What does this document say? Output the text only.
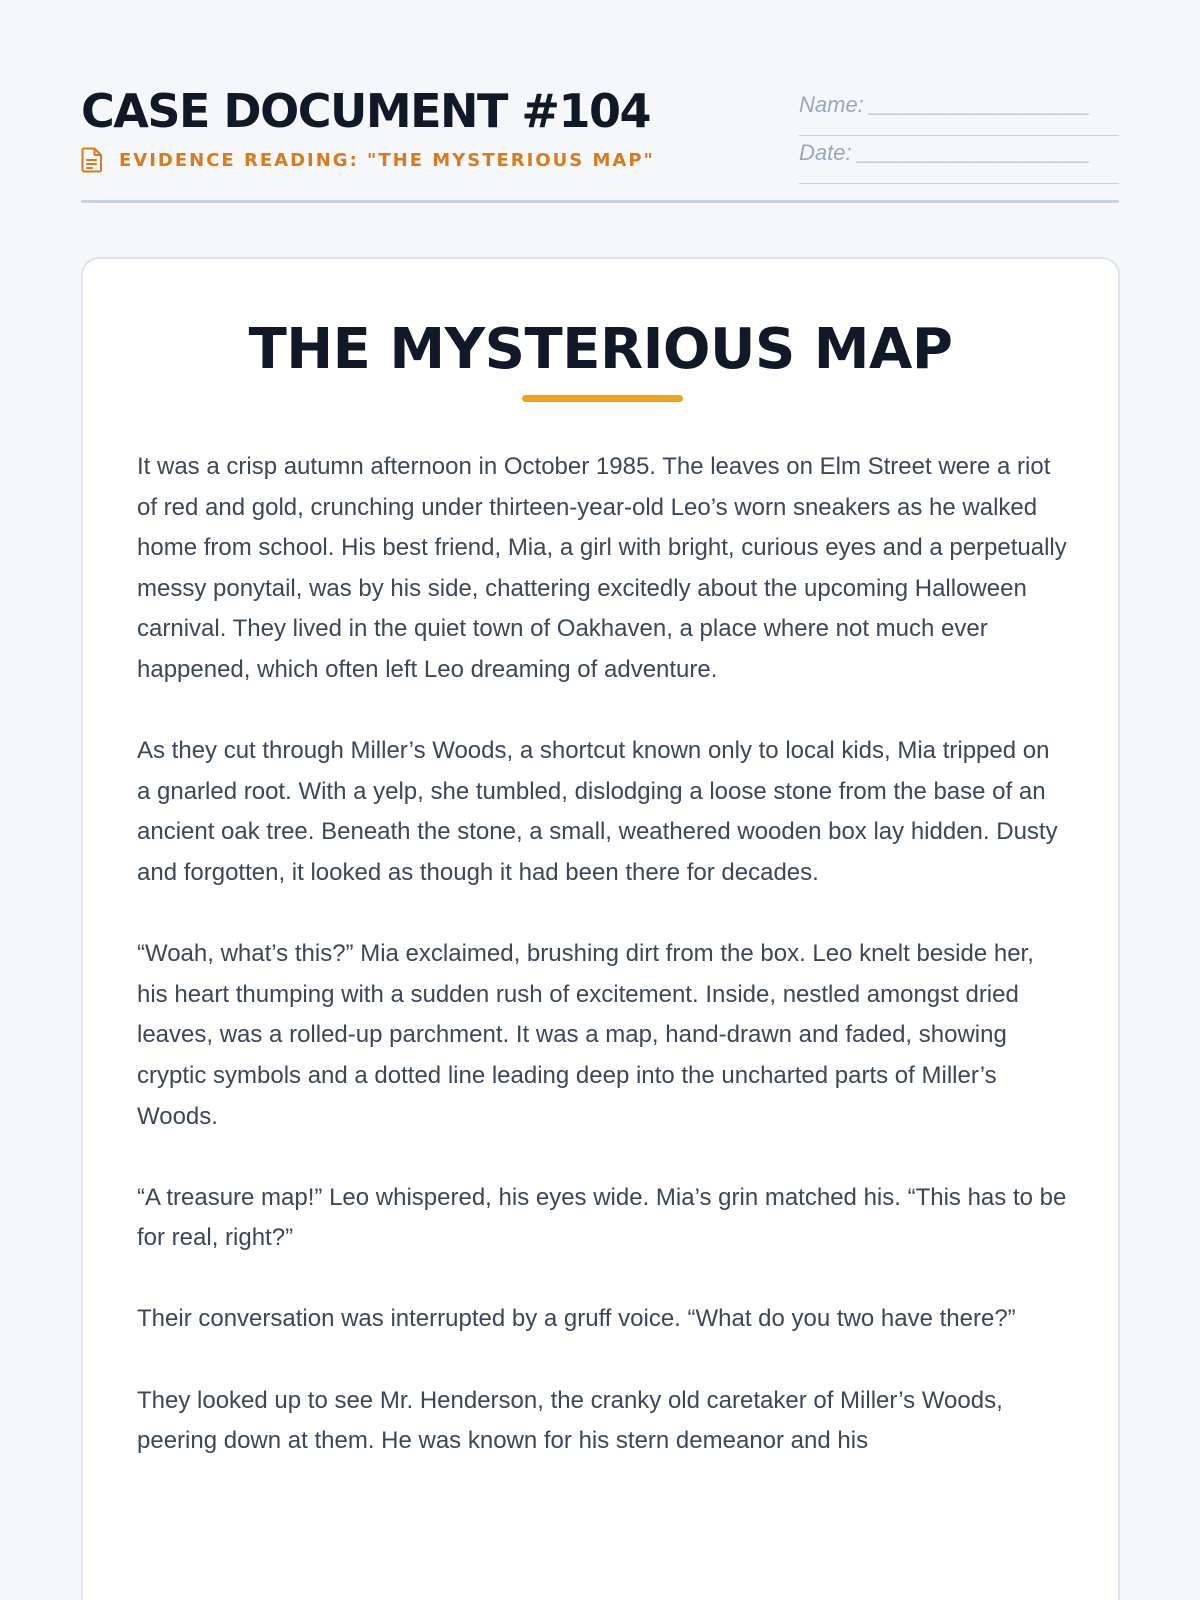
CASE DOCUMENT #104
EVIDENCE READING: "THE MYSTERIOUS MAP"
Name: __________________
Date: ___________________
THE MYSTERIOUS MAP

It was a crisp autumn afternoon in October 1985. The leaves on Elm Street were a riot of red and gold, crunching under thirteen-year-old Leo’s worn sneakers as he walked home from school. His best friend, Mia, a girl with bright, curious eyes and a perpetually messy ponytail, was by his side, chattering excitedly about the upcoming Halloween carnival. They lived in the quiet town of Oakhaven, a place where not much ever happened, which often left Leo dreaming of adventure.

As they cut through Miller’s Woods, a shortcut known only to local kids, Mia tripped on a gnarled root. With a yelp, she tumbled, dislodging a loose stone from the base of an ancient oak tree. Beneath the stone, a small, weathered wooden box lay hidden. Dusty and forgotten, it looked as though it had been there for decades.

“Woah, what’s this?” Mia exclaimed, brushing dirt from the box. Leo knelt beside her, his heart thumping with a sudden rush of excitement. Inside, nestled amongst dried leaves, was a rolled-up parchment. It was a map, hand-drawn and faded, showing cryptic symbols and a dotted line leading deep into the uncharted parts of Miller’s Woods.

“A treasure map!” Leo whispered, his eyes wide. Mia’s grin matched his. “This has to be for real, right?”

Their conversation was interrupted by a gruff voice. “What do you two have there?”

They looked up to see Mr. Henderson, the cranky old caretaker of Miller’s Woods, peering down at them. He was known for his stern demeanor and his
